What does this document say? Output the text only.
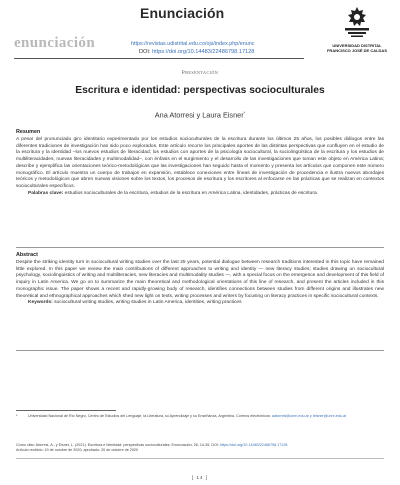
Enunciación
enunciación	https://revistas.udistrital.edu.co/ojs/index.php/enunc
DOI: https://doi.org/10.14483/22486798.17128
UNIVERSIDAD DISTRITAL
FRANCISCO JOSÉ DE CALDAS
Presentación
Escritura e identidad: perspectivas socioculturales
Ana Atorresi y Laura Eisner*
Resumen

A pesar del pronunciado giro identitario experimentado por los estudios socioculturales de la escritura durante los últimos 25 años, los posibles diálogos entre las diferentes tradiciones de investigación han sido poco explorados. Este artículo recorre los principales aportes de las distintas perspectivas que confluyen en el estudio de la escritura y la identidad –los nuevos estudios de literacidad; los estudios con aportes de la psicología sociocultural, la sociolingüística de la escritura y los estudios de multiliteracidades, nuevas literacidades y multimodalidad–, con énfasis en el surgimiento y el desarrollo de las investigaciones que toman este objeto en América Latina; describe y ejemplifica las orientaciones teórico-metodológicas que las investigaciones han seguido hasta el momento y presenta los artículos que componen este número monográfico. El artículo muestra un cuerpo de trabajos en expansión, establece conexiones entre líneas de investigación de procedencia e ilustra nuevos abordajes teóricos y metodológicos que abren nuevas visiones sobre los textos, los procesos de escritura y los escritores al enfocarse en las prácticas que se realizan en contextos socioculturales específicos.

Palabras clave: estudios socioculturales de la escritura, estudios de la escritura en América Latina, identidades, prácticas de escritura.

Abstract

Despite the striking identity turn in sociocultural writing studies over the last 25 years, potential dialogue between research traditions interested in this topic have remained little explored. In this paper we review the main contributions of different approaches to writing and identity — new literacy studies; studies drawing on sociocultural psychology, sociolinguistics of writing and multiliteracies, new literacies and multimodality studies —, with a special focus on the emergence and development of this field of inquiry in Latin America. We go on to summarize the main theoretical and methodological orientations of this line of research, and present the articles included in this monographic issue. The paper shows a recent and rapidly-growing body of research, identifies connections between studies from different origins and illustrates new theoretical and ethnographical approaches which shed new light on texts, writing processes and writers by focusing on literacy practices in specific sociocultural contexts.

Keywords: sociocultural writing studies, writing studies in Latin America, identities, writing practices

*	Universidad Nacional de Río Negro, Centro de Estudios del Lenguaje, la Literatura, su Aprendizaje y su Enseñanza, Argentina. Correos electrónicos: aatorresi@unrn.edu.ar y leisner@unrn.edu.ar
Cómo citar: Atorresi, A., y Eisner, L. (2021). Escritura e identidad: perspectivas socioculturales. Enunciación, 26, 14-35. DOI: https://doi.org/10.14483/22486798.17128
Artículo recibido: 19 de octubre de 2020; aprobado: 20 de octubre de 2020
[ 14 ]
